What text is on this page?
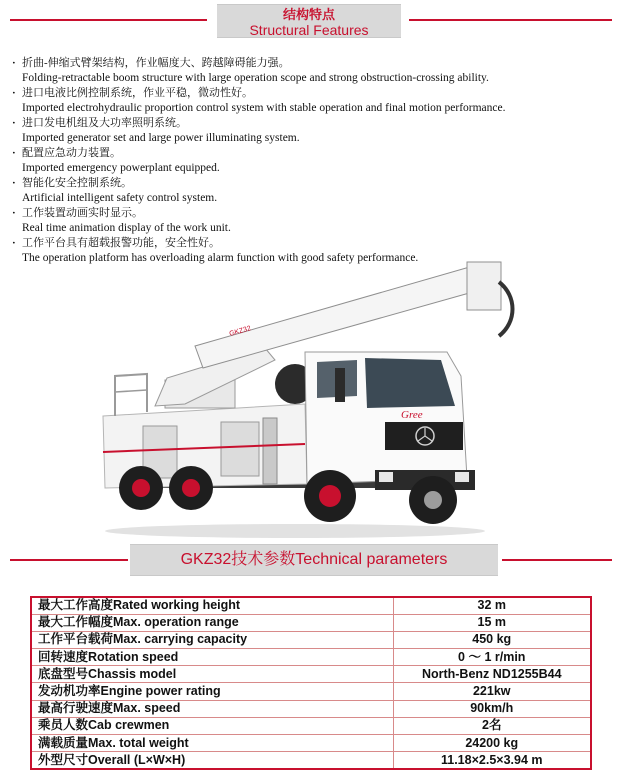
结构特点
Structural Features
· 折曲-伸缩式臂架结构，作业幅度大、跨越障碍能力强。
Folding-retractable boom structure with large operation scope and strong obstruction-crossing ability.
· 进口电液比例控制系统，作业平稳，微动性好。
Imported electrohydraulic proportion control system with stable operation and final motion performance.
· 进口发电机组及大功率照明系统。
Imported generator set and large power illuminating system.
· 配置应急动力装置。
Imported emergency powerplant equipped.
· 智能化安全控制系统。
Artificial intelligent safety control system.
· 工作装置动画实时显示。
Real time animation display of the work unit.
· 工作平台具有超载报警功能，安全性好。
The operation platform has overloading alarm function with good safety performance.
GKZ32
Gree
GKZ32技术参数Technical parameters
最大工作高度Rated working height	32 m
最大工作幅度Max. operation range	15 m
工作平台载荷Max. carrying capacity	450 kg
回转速度Rotation speed	0 ～ 1 r/min
底盘型号Chassis model	North-Benz ND1255B44
发动机功率Engine power rating	221kw
最高行驶速度Max. speed	90km/h
乘员人数Cab crewmen	2名
满载质量Max. total weight	24200 kg
外型尺寸Overall (L×W×H)	11.18×2.5×3.94 m
